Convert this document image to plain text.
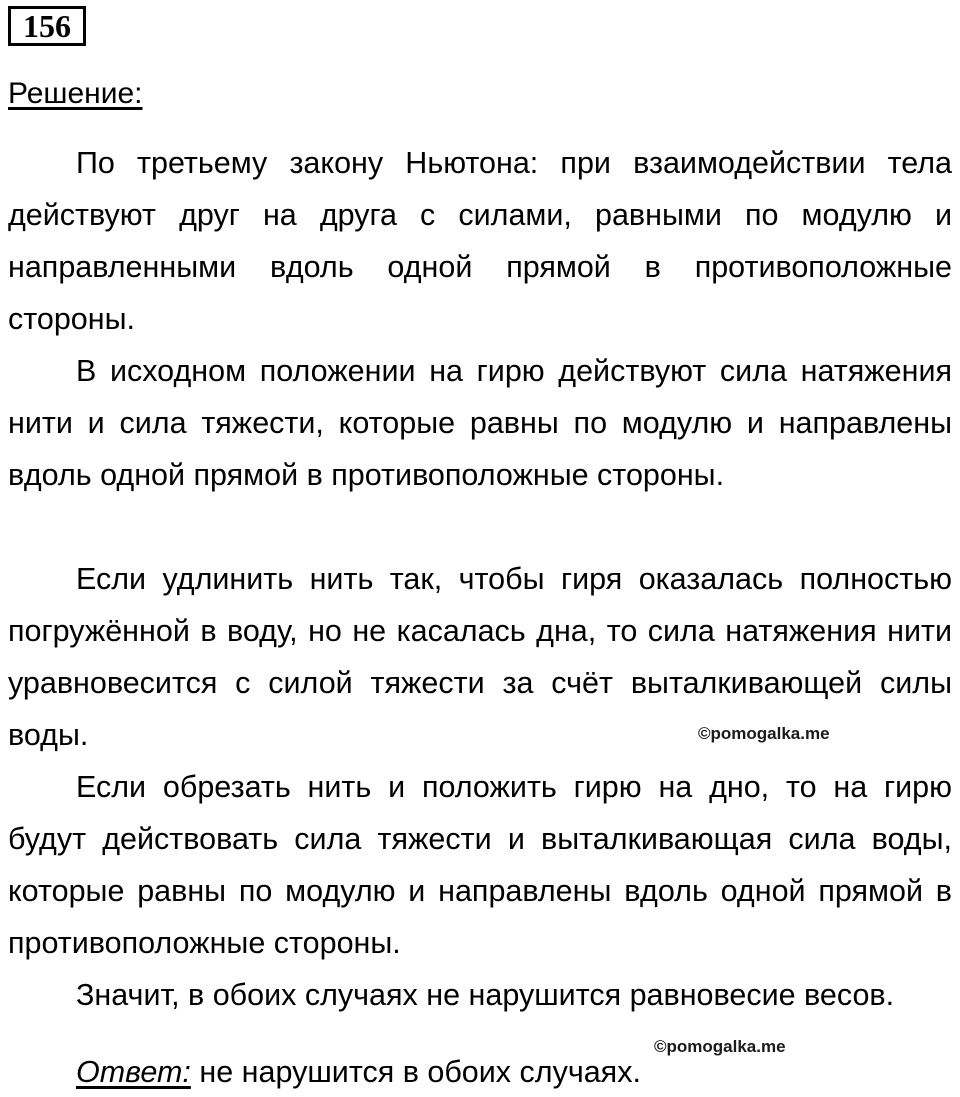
156
Решение:

По третьему закону Ньютона: при взаимодействии тела действуют друг на друга с силами, равными по модулю и направленными вдоль одной прямой в противоположные стороны.

В исходном положении на гирю действуют сила натяжения нити и сила тяжести, которые равны по модулю и направлены вдоль одной прямой в противоположные стороны.

Если удлинить нить так, чтобы гиря оказалась полностью погружённой в воду, но не касалась дна, то сила натяжения нити уравновесится с силой тяжести за счёт выталкивающей силы воды.

Если обрезать нить и положить гирю на дно, то на гирю будут действовать сила тяжести и выталкивающая сила воды, которые равны по модулю и направлены вдоль одной прямой в противоположные стороны.

Значит, в обоих случаях не нарушится равновесие весов.

Ответ: не нарушится в обоих случаях.
©pomogalka.me
©pomogalka.me
